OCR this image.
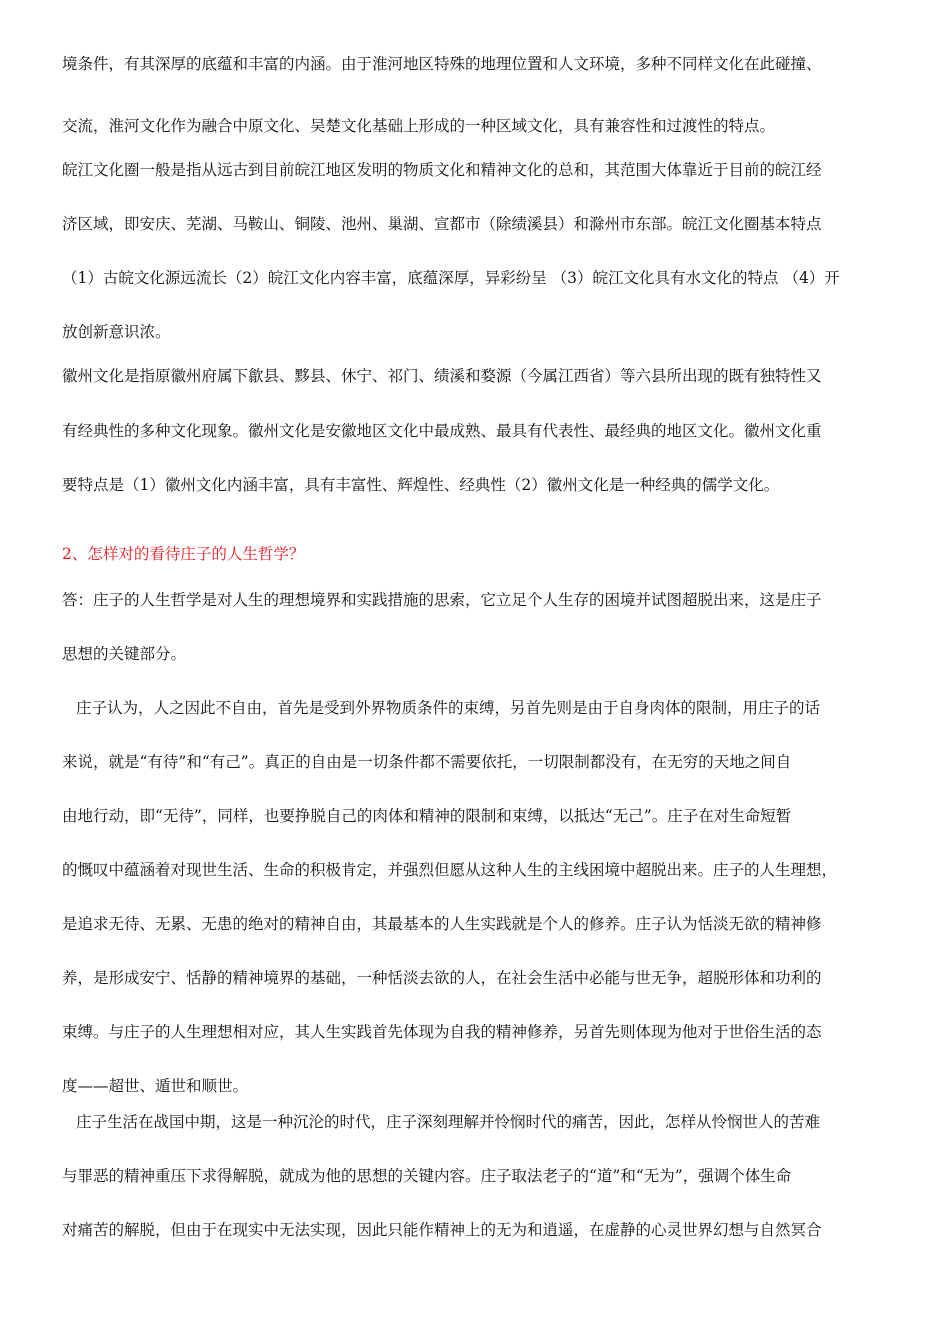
境条件，有其深厚的底蕴和丰富的内涵。由于淮河地区特殊的地理位置和人文环境，多种不同样文化在此碰撞、
交流，淮河文化作为融合中原文化、吴楚文化基础上形成的一种区域文化，具有兼容性和过渡性的特点。
皖江文化圈一般是指从远古到目前皖江地区发明的物质文化和精神文化的总和，其范围大体靠近于目前的皖江经
济区域，即安庆、芜湖、马鞍山、铜陵、池州、巢湖、宣都市（除绩溪县）和滁州市东部。皖江文化圈基本特点
（1）古皖文化源远流长（2）皖江文化内容丰富，底蕴深厚，异彩纷呈 （3）皖江文化具有水文化的特点 （4）开
放创新意识浓。
徽州文化是指原徽州府属下歙县、黟县、休宁、祁门、绩溪和婺源（今属江西省）等六县所出现的既有独特性又
有经典性的多种文化现象。徽州文化是安徽地区文化中最成熟、最具有代表性、最经典的地区文化。徽州文化重
要特点是（1）徽州文化内涵丰富，具有丰富性、辉煌性、经典性（2）徽州文化是一种经典的儒学文化。
2、怎样对的看待庄子的人生哲学？
答：庄子的人生哲学是对人生的理想境界和实践措施的思索，它立足个人生存的困境并试图超脱出来，这是庄子
思想的关键部分。
庄子认为，人之因此不自由，首先是受到外界物质条件的束缚，另首先则是由于自身肉体的限制，用庄子的话
来说，就是“有待”和“有己”。真正的自由是一切条件都不需要依托，一切限制都没有，在无穷的天地之间自
由地行动，即“无待”，同样，也要挣脱自己的肉体和精神的限制和束缚，以抵达“无己”。庄子在对生命短暂
的慨叹中蕴涵着对现世生活、生命的积极肯定，并强烈但愿从这种人生的主线困境中超脱出来。庄子的人生理想，
是追求无待、无累、无患的绝对的精神自由，其最基本的人生实践就是个人的修养。庄子认为恬淡无欲的精神修
养，是形成安宁、恬静的精神境界的基础，一种恬淡去欲的人，在社会生活中必能与世无争，超脱形体和功利的
束缚。与庄子的人生理想相对应，其人生实践首先体现为自我的精神修养，另首先则体现为他对于世俗生活的态
度——超世、遁世和顺世。
庄子生活在战国中期，这是一种沉沦的时代，庄子深刻理解并怜悯时代的痛苦，因此，怎样从怜悯世人的苦难
与罪恶的精神重压下求得解脱，就成为他的思想的关键内容。庄子取法老子的“道”和“无为”，强调个体生命
对痛苦的解脱，但由于在现实中无法实现，因此只能作精神上的无为和逍遥，在虚静的心灵世界幻想与自然冥合
